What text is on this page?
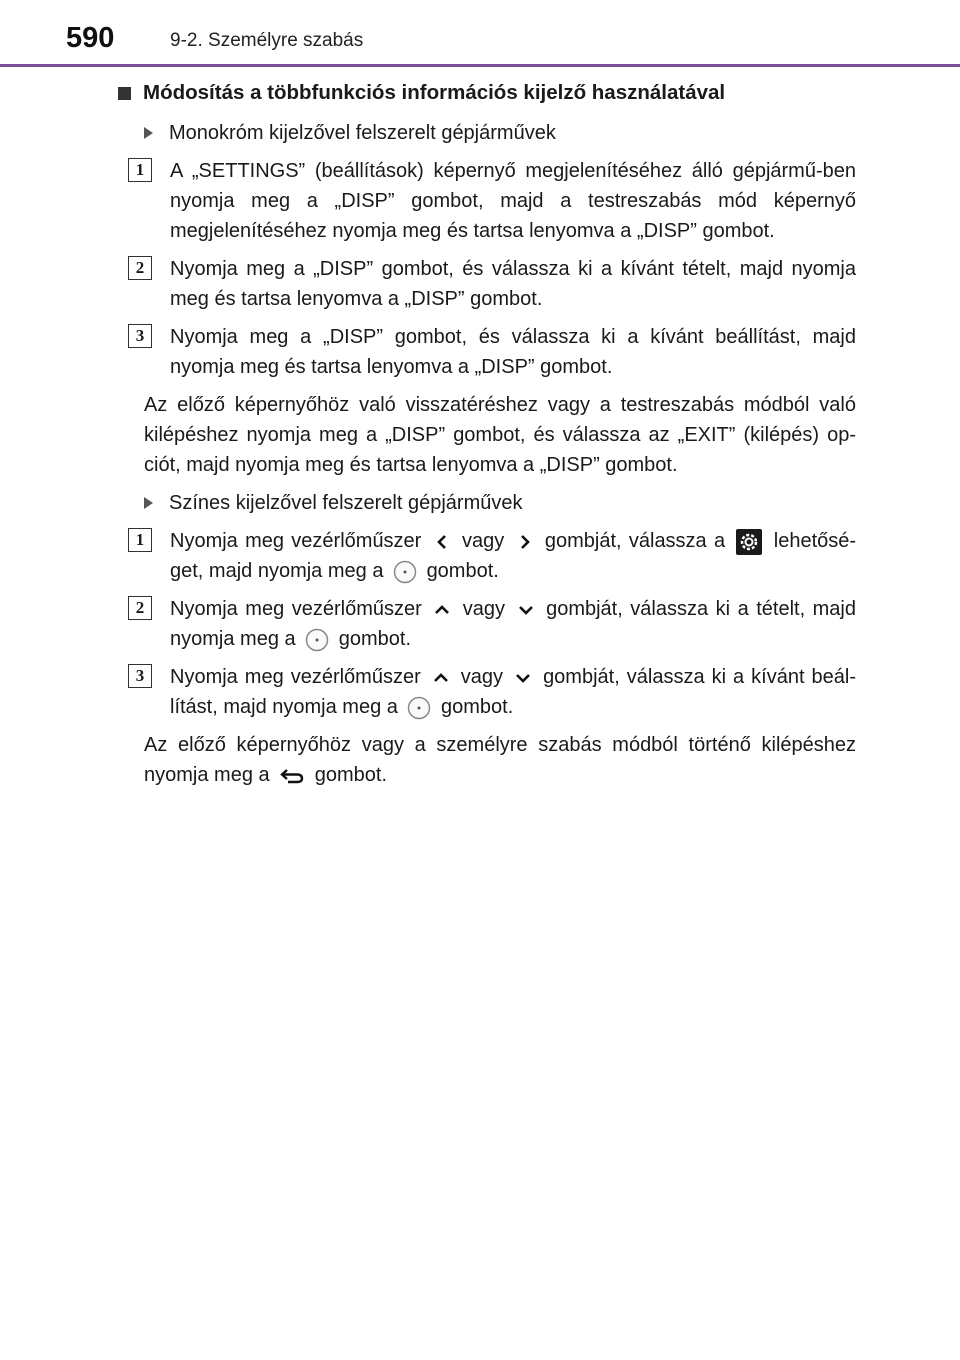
590	9-2. Személyre szabás
Módosítás a többfunkciós információs kijelző használatával
Monokróm kijelzővel felszerelt gépjárművek
1	A „SETTINGS” (beállítások) képernyő megjelenítéséhez álló gépjármű-ben nyomja meg a „DISP” gombot, majd a testreszabás mód képernyő megjelenítéséhez nyomja meg és tartsa lenyomva a „DISP” gombot.
2	Nyomja meg a „DISP” gombot, és válassza ki a kívánt tételt, majd nyomja meg és tartsa lenyomva a „DISP” gombot.
3	Nyomja meg a „DISP” gombot, és válassza ki a kívánt beállítást, majd nyomja meg és tartsa lenyomva a „DISP” gombot.
Az előző képernyőhöz való visszatéréshez vagy a testreszabás módból való kilépéshez nyomja meg a „DISP” gombot, és válassza az „EXIT” (kilépés) op-ciót, majd nyomja meg és tartsa lenyomva a „DISP” gombot.
Színes kijelzővel felszerelt gépjárművek
1	Nyomja meg vezérlőműszer vagy gombját, válassza a lehetősé-get, majd nyomja meg a gombot.
2	Nyomja meg vezérlőműszer vagy gombját, válassza ki a tételt, majd nyomja meg a gombot.
3	Nyomja meg vezérlőműszer vagy gombját, válassza ki a kívánt beál-lítást, majd nyomja meg a gombot.
Az előző képernyőhöz vagy a személyre szabás módból történő kilépéshez nyomja meg a gombot.
